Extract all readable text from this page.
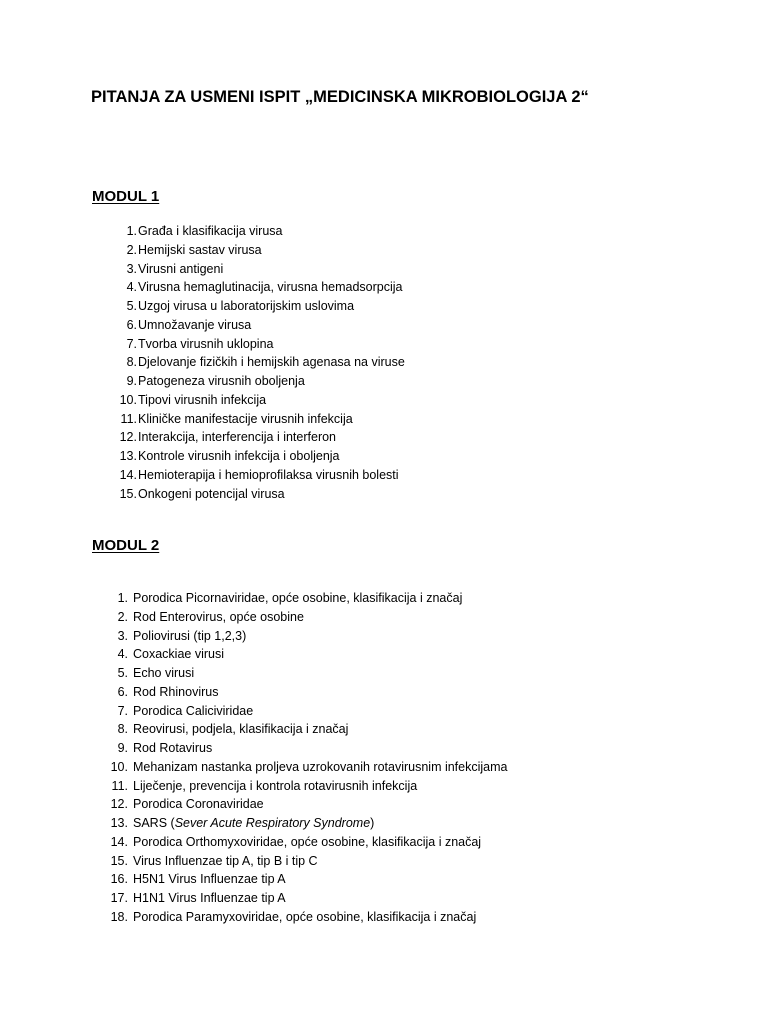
PITANJA ZA USMENI ISPIT „MEDICINSKA MIKROBIOLOGIJA 2“
MODUL 1
1. Građa i klasifikacija virusa
2. Hemijski sastav virusa
3. Virusni antigeni
4. Virusna hemaglutinacija, virusna hemadsorpcija
5. Uzgoj virusa u laboratorijskim uslovima
6. Umnožavanje virusa
7. Tvorba virusnih uklopina
8. Djelovanje fizičkih i hemijskih agenasa na viruse
9. Patogeneza virusnih oboljenja
10. Tipovi virusnih infekcija
11. Kliničke manifestacije virusnih infekcija
12. Interakcija, interferencija i interferon
13. Kontrole virusnih infekcija i oboljenja
14. Hemioterapija i hemioprofilaksa virusnih bolesti
15. Onkogeni potencijal virusa
MODUL 2
1. Porodica Picornaviridae, opće osobine, klasifikacija i značaj
2. Rod Enterovirus, opće osobine
3. Poliovirusi (tip 1,2,3)
4. Coxackiae virusi
5. Echo virusi
6. Rod Rhinovirus
7. Porodica Caliciviridae
8. Reovirusi, podjela, klasifikacija i značaj
9. Rod Rotavirus
10. Mehanizam nastanka proljeva uzrokovanih rotavirusnim infekcijama
11. Liječenje, prevencija i kontrola rotavirusnih infekcija
12. Porodica Coronaviridae
13. SARS (Sever Acute Respiratory Syndrome)
14. Porodica Orthomyxoviridae, opće osobine, klasifikacija i značaj
15. Virus Influenzae tip A, tip B i tip C
16. H5N1 Virus Influenzae tip A
17. H1N1 Virus Influenzae tip A
18. Porodica Paramyxoviridae, opće osobine, klasifikacija i značaj
